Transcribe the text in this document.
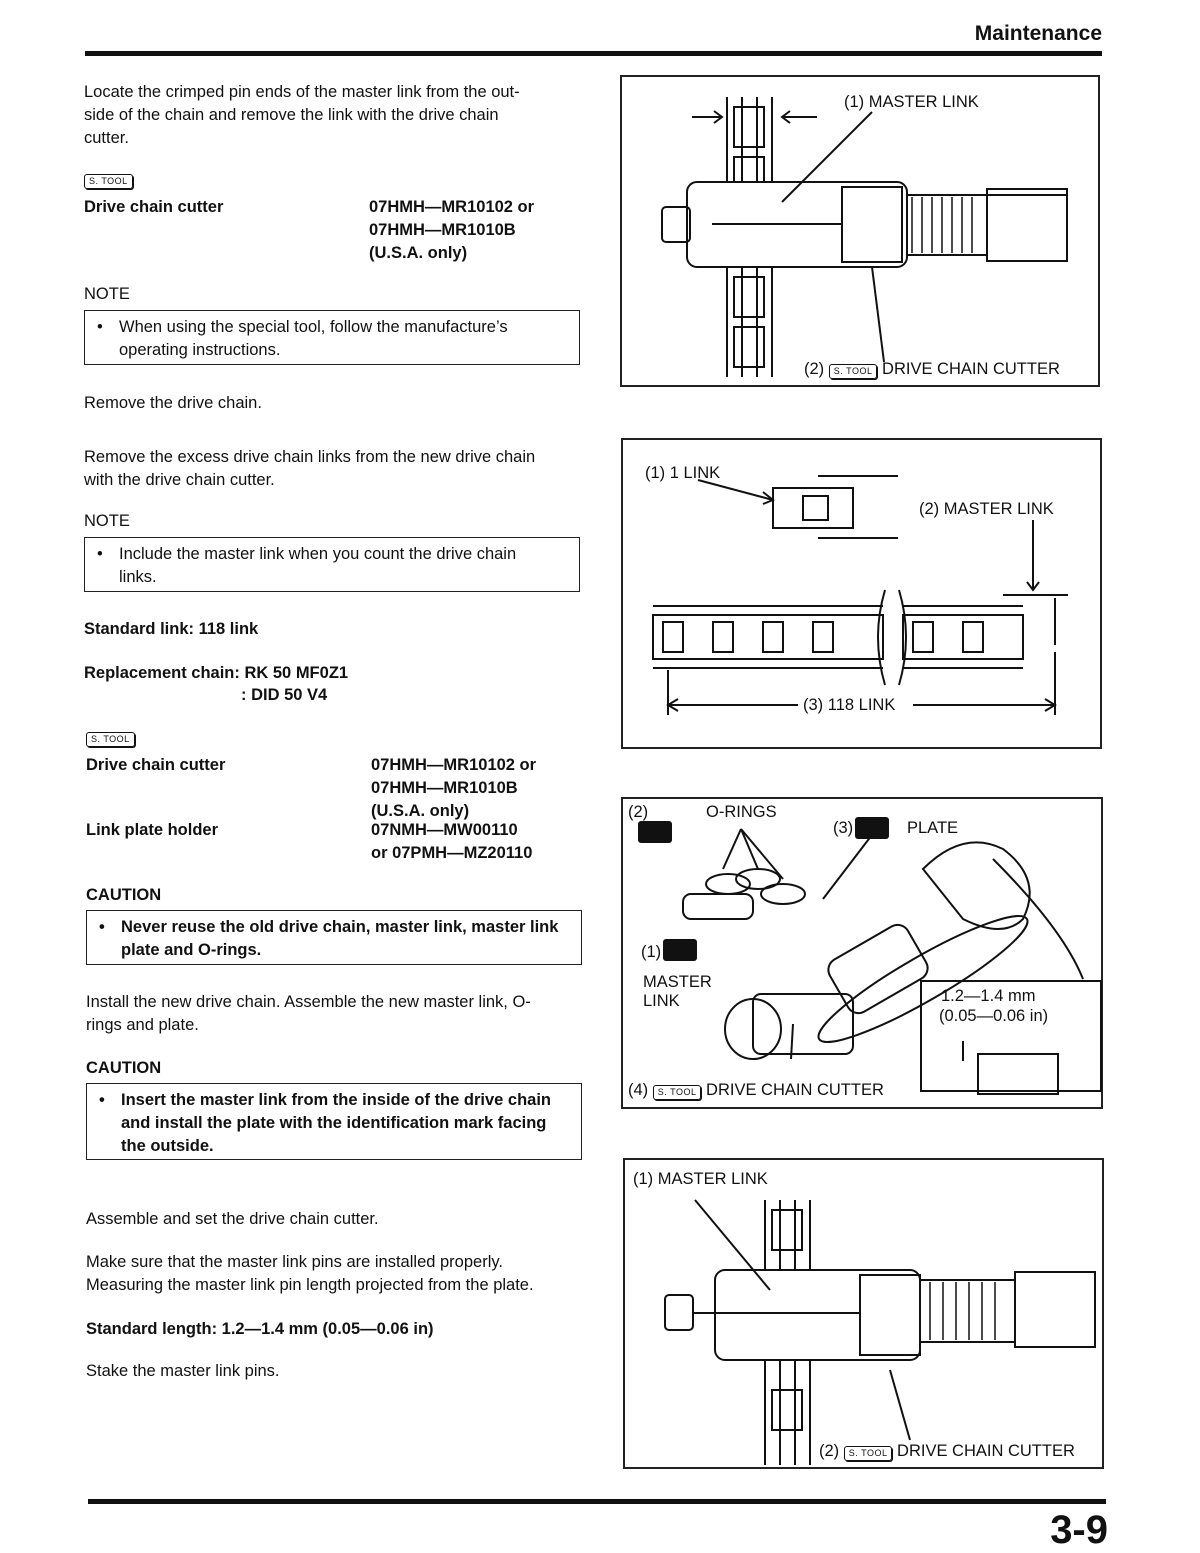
Maintenance
3-9
Locate the crimped pin ends of the master link from the out-
side of the chain and remove the link with the drive chain
cutter.
S. TOOL
Drive chain cutter	07HMH—MR10102 or
07HMH—MR1010B
(U.S.A. only)
NOTE
• When using the special tool, follow the manufacture’s
operating instructions.
Remove the drive chain.
Remove the excess drive chain links from the new drive chain
with the drive chain cutter.
NOTE
• Include the master link when you count the drive chain
links.
Standard link: 118 link
Replacement chain: RK 50 MF0Z1
: DID 50 V4
S. TOOL
Drive chain cutter	07HMH—MR10102 or
07HMH—MR1010B
(U.S.A. only)
Link plate holder	07NMH—MW00110
or 07PMH—MZ20110
CAUTION
• Never reuse the old drive chain, master link, master link
plate and O-rings.
Install the new drive chain. Assemble the new master link, O-
rings and plate.
CAUTION
• Insert the master link from the inside of the drive chain
and install the plate with the identification mark facing
the outside.
Assemble and set the drive chain cutter.
Make sure that the master link pins are installed properly.
Measuring the master link pin length projected from the plate.
Standard length: 1.2—1.4 mm (0.05—0.06 in)
Stake the master link pins.
(1) MASTER LINK
(2) S. TOOL DRIVE CHAIN CUTTER
(1) 1 LINK
(2) MASTER LINK
(3) 118 LINK
(2)	O-RINGS
(3)	PLATE
(1)
MASTER
LINK	1.2—1.4 mm
(0.05—0.06 in)
(4) S. TOOL DRIVE CHAIN CUTTER
(1) MASTER LINK
(2) S. TOOL DRIVE CHAIN CUTTER
